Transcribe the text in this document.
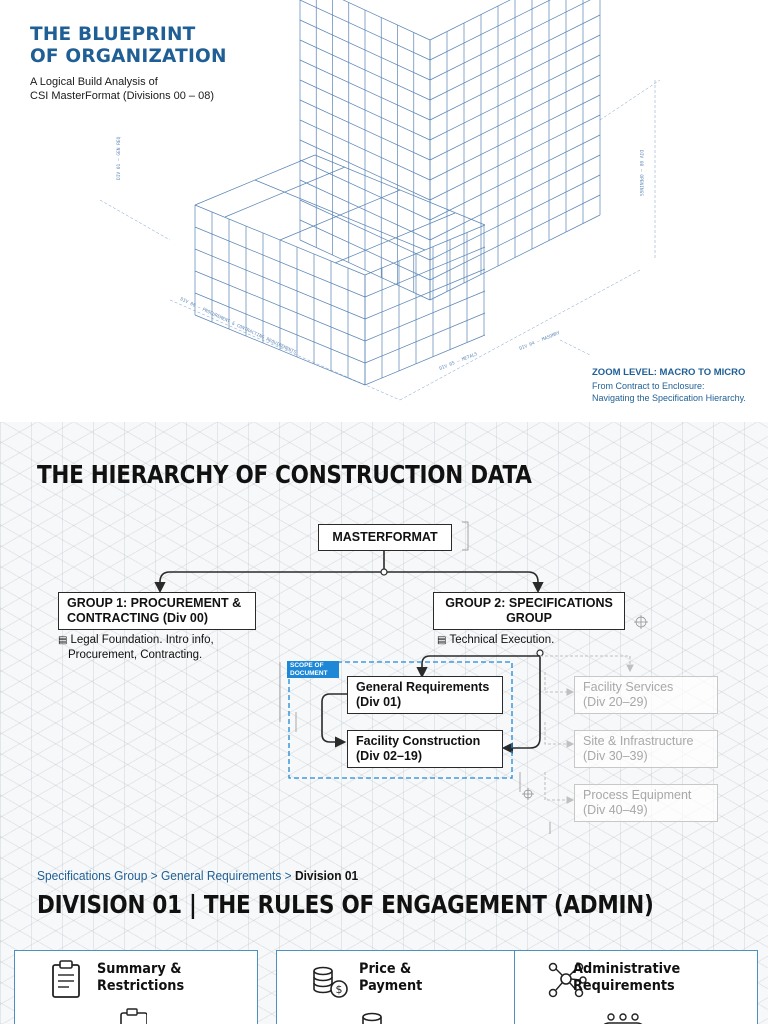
DIV 08 – OPENINGS
DIV 01 – GEN REQ
DIV 00 – PROCUREMENT & CONTRACTING REQUIREMENTS
DIV 05 – METALS
DIV 04 – MASONRY
THE BLUEPRINT
OF ORGANIZATION
A Logical Build Analysis of
CSI MasterFormat (Divisions 00 – 08)
ZOOM LEVEL: MACRO TO MICRO
From Contract to Enclosure:
Navigating the Specification Hierarchy.
THE HIERARCHY OF CONSTRUCTION DATA
MASTERFORMAT
GROUP 1: PROCUREMENT &
CONTRACTING (Div 00)
▤ Legal Foundation. Intro info,
Procurement, Contracting.
GROUP 2: SPECIFICATIONS
GROUP
▤ Technical Execution.
SCOPE OF
DOCUMENT
General Requirements
(Div 01)
Facility Construction
(Div 02–19)
Facility Services
(Div 20–29)
Site & Infrastructure
(Div 30–39)
Process Equipment
(Div 40–49)
Specifications Group > General Requirements > Division 01
DIVISION 01 | THE RULES OF ENGAGEMENT (ADMIN)
Summary &
Restrictions	$
Price &
Payment
Administrative
Requirements
